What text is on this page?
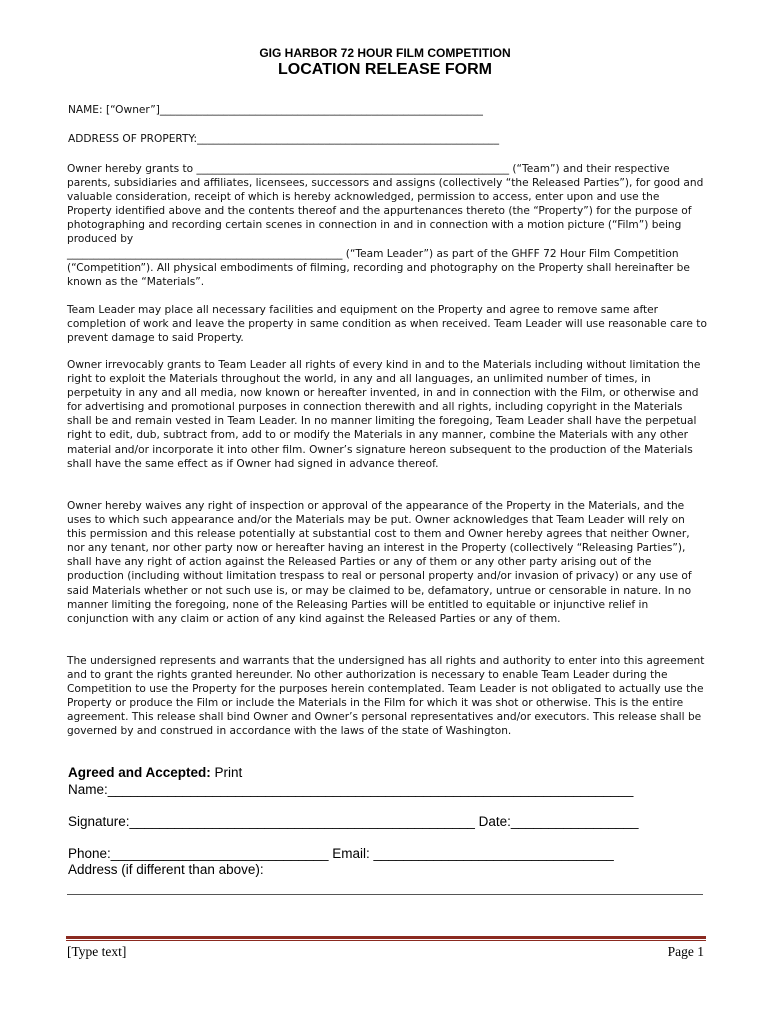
GIG HARBOR 72 HOUR FILM COMPETITION
LOCATION RELEASE FORM
NAME: [“Owner”]_____________________________________________________________
ADDRESS OF PROPERTY:_________________________________________________________
Owner hereby grants to ___________________________________________________________ (“Team”) and their respective parents, subsidiaries and affiliates, licensees, successors and assigns (collectively “the Released Parties”), for good and valuable consideration, receipt of which is hereby acknowledged, permission to access, enter upon and use the Property identified above and the contents thereof and the appurtenances thereto (the “Property”) for the purpose of photographing and recording certain scenes in connection in and in connection with a motion picture (“Film”) being produced by
____________________________________________________ (“Team Leader”) as part of the GHFF 72 Hour Film Competition (“Competition”). All physical embodiments of filming, recording and photography on the Property shall hereinafter be known as the “Materials”.
Team Leader may place all necessary facilities and equipment on the Property and agree to remove same after completion of work and leave the property in same condition as when received. Team Leader will use reasonable care to prevent damage to said Property.
Owner irrevocably grants to Team Leader all rights of every kind in and to the Materials including without limitation the right to exploit the Materials throughout the world, in any and all languages, an unlimited number of times, in perpetuity in any and all media, now known or hereafter invented, in and in connection with the Film, or otherwise and for advertising and promotional purposes in connection therewith and all rights, including copyright in the Materials shall be and remain vested in Team Leader. In no manner limiting the foregoing, Team Leader shall have the perpetual right to edit, dub, subtract from, add to or modify the Materials in any manner, combine the Materials with any other material and/or incorporate it into other film. Owner’s signature hereon subsequent to the production of the Materials shall have the same effect as if Owner had signed in advance thereof.
Owner hereby waives any right of inspection or approval of the appearance of the Property in the Materials, and the uses to which such appearance and/or the Materials may be put. Owner acknowledges that Team Leader will rely on this permission and this release potentially at substantial cost to them and Owner hereby agrees that neither Owner, nor any tenant, nor other party now or hereafter having an interest in the Property (collectively “Releasing Parties”), shall have any right of action against the Released Parties or any of them or any other party arising out of the production (including without limitation trespass to real or personal property and/or invasion of privacy) or any use of said Materials whether or not such use is, or may be claimed to be, defamatory, untrue or censorable in nature. In no manner limiting the foregoing, none of the Releasing Parties will be entitled to equitable or injunctive relief in conjunction with any claim or action of any kind against the Released Parties or any of them.
The undersigned represents and warrants that the undersigned has all rights and authority to enter into this agreement and to grant the rights granted hereunder. No other authorization is necessary to enable Team Leader during the Competition to use the Property for the purposes herein contemplated. Team Leader is not obligated to actually use the Property or produce the Film or include the Materials in the Film for which it was shot or otherwise. This is the entire agreement. This release shall bind Owner and Owner’s personal representatives and/or executors. This release shall be governed by and construed in accordance with the laws of the state of Washington.
Agreed and Accepted: Print
Name:______________________________________________________________________
Signature:______________________________________________ Date:_________________
Phone:_____________________________ Email: ________________________________
Address (if different than above):
[Type text]	Page 1
